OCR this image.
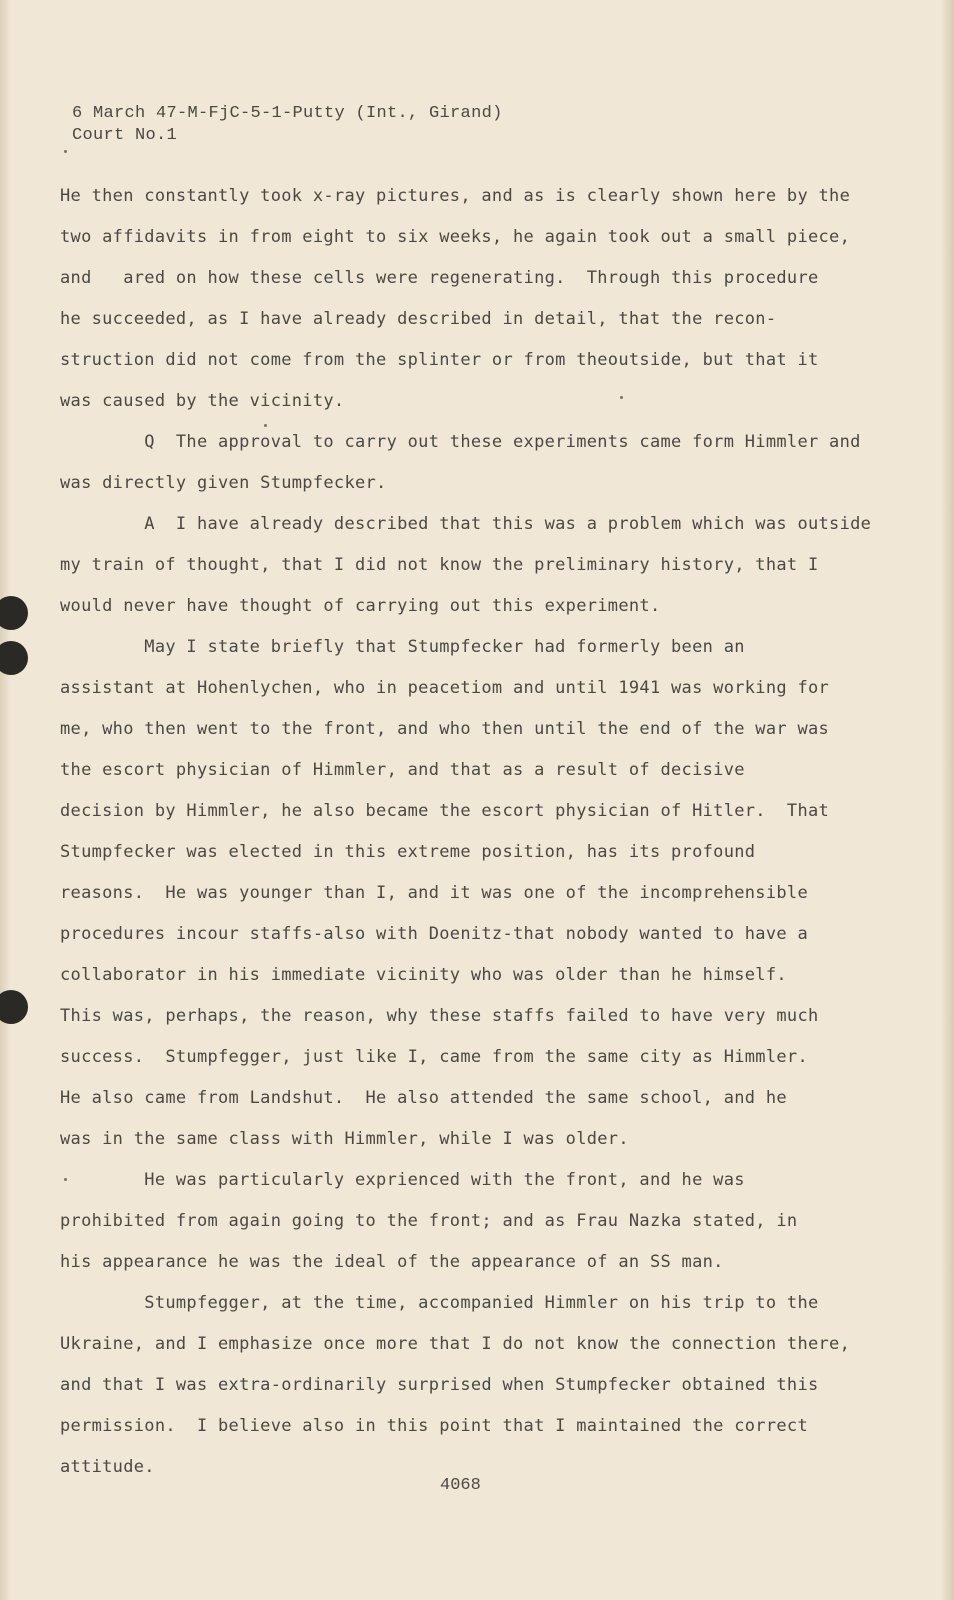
6 March 47-M-FjC-5-1-Putty (Int., Girand)
Court No.1
He then constantly took x-ray pictures, and as is clearly shown here by the
two affidavits in from eight to six weeks, he again took out a small piece,
and   ared on how these cells were regenerating.  Through this procedure
he succeeded, as I have already described in detail, that the recon-
struction did not come from the splinter or from theoutside, but that it
was caused by the vicinity.
Q  The approval to carry out these experiments came form Himmler and
was directly given Stumpfecker.
A  I have already described that this was a problem which was outside
my train of thought, that I did not know the preliminary history, that I
would never have thought of carrying out this experiment.
May I state briefly that Stumpfecker had formerly been an
assistant at Hohenlychen, who in peacetiom and until 1941 was working for
me, who then went to the front, and who then until the end of the war was
the escort physician of Himmler, and that as a result of decisive
decision by Himmler, he also became the escort physician of Hitler.  That
Stumpfecker was elected in this extreme position, has its profound
reasons.  He was younger than I, and it was one of the incomprehensible
procedures incour staffs-also with Doenitz-that nobody wanted to have a
collaborator in his immediate vicinity who was older than he himself.
This was, perhaps, the reason, why these staffs failed to have very much
success.  Stumpfegger, just like I, came from the same city as Himmler.
He also came from Landshut.  He also attended the same school, and he
was in the same class with Himmler, while I was older.
He was particularly exprienced with the front, and he was
prohibited from again going to the front; and as Frau Nazka stated, in
his appearance he was the ideal of the appearance of an SS man.
Stumpfegger, at the time, accompanied Himmler on his trip to the
Ukraine, and I emphasize once more that I do not know the connection there,
and that I was extra-ordinarily surprised when Stumpfecker obtained this
permission.  I believe also in this point that I maintained the correct
attitude.
4068
